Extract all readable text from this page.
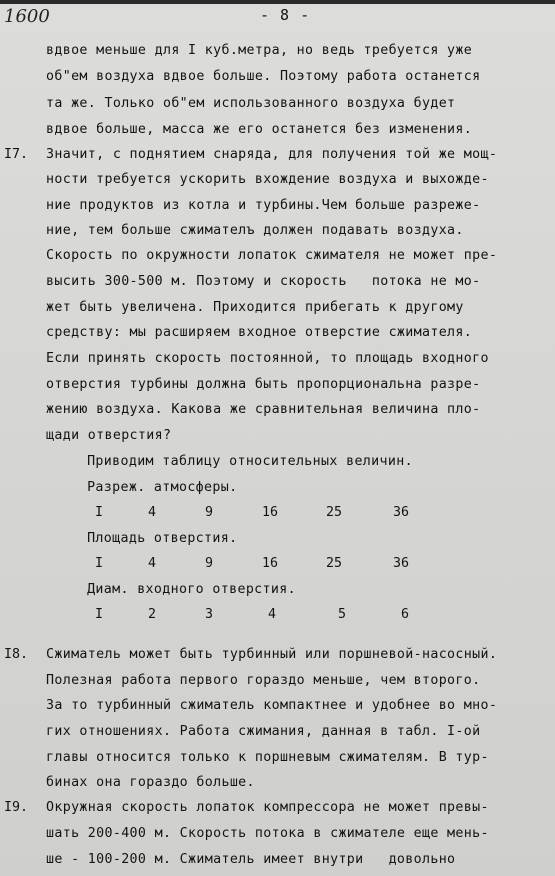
1600	- 8 -
I7.
I8.
I9.
вдвое меньше для I куб.метра, но ведь требуется уже
об"ем воздуха вдвое больше. Поэтому работа останется
та же. Только об"ем использованного воздуха будет
вдвое больше, масса же его останется без изменения.
Значит, с поднятием снаряда, для получения той же мощ-
ности требуется ускорить вхождение воздуха и выхожде-
ние продуктов из котла и турбины.Чем больше разреже-
ние, тем больше сжимателъ должен подавать воздуха.
Скорость по окружности лопаток сжимателя не может пре-
высить 300-500 м. Поэтому и скорость   потока не мо-
жет быть увеличена. Приходится прибегать к другому
средству: мы расширяем входное отверстие сжимателя.
Если принять скорость постоянной, то площадь входного
отверстия турбины должна быть пропорциональна разре-
жению воздуха. Какова же сравнительная величина пло-
щади отверстия?
Приводим таблицу относительных величин.
Разреж. атмосферы.
I	4	9	16	25	36
Площадь отверстия.
I	4	9	16	25	36
Диам. входного отверстия.
I	2	3	4	5	6
Сжиматель может быть турбинный или поршневой-насосный.
Полезная работа первого гораздо меньше, чем второго.
За то турбинный сжиматель компактнее и удобнее во мно-
гих отношениях. Работа сжимания, данная в табл. I-ой
главы относится только к поршневым сжимателям. В тур-
бинах она гораздо больше.
Окружная скорость лопаток компрессора не может превы-
шать 200-400 м. Скорость потока в сжимателе еще мень-
ше - 100-200 м. Сжиматель имеет внутри   довольно
